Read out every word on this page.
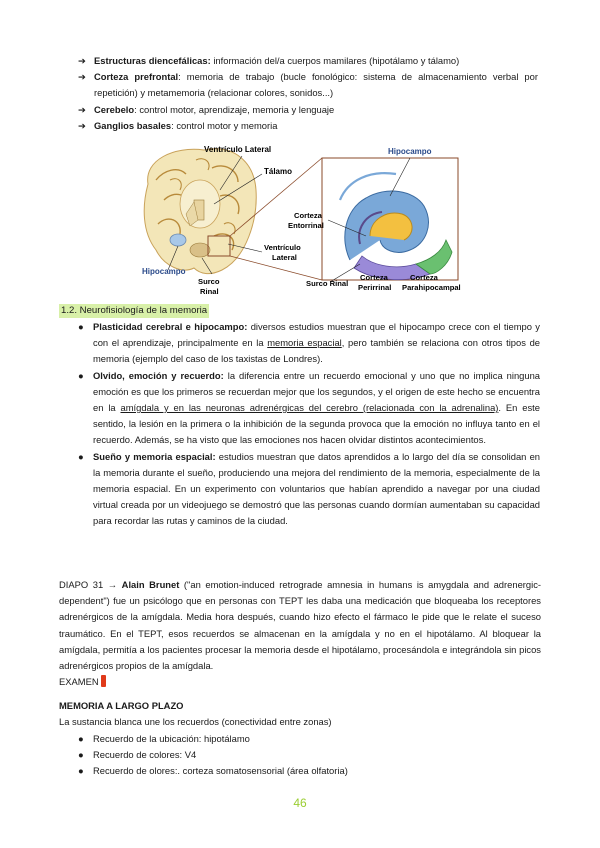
➔ Estructuras diencefálicas: información del/a cuerpos mamilares (hipotálamo y tálamo)
➔ Corteza prefrontal: memoria de trabajo (bucle fonológico: sistema de almacenamiento verbal por repetición) y metamemoria (relacionar colores, sonidos...)
➔ Cerebelo: control motor, aprendizaje, memoria y lenguaje
➔ Ganglios basales: control motor y memoria
Ventrículo Lateral
Tálamo
Hipocampo
Corteza
Entorrinal
Ventrículo
Lateral
Hipocampo
Surco
Rinal
Surco Rinal
Corteza
Perirrinal
Corteza
Parahipocampal
1.2. Neurofisiología de la memoria
● Plasticidad cerebral e hipocampo: diversos estudios muestran que el hipocampo crece con el tiempo y con el aprendizaje, principalmente en la memoria espacial, pero también se relaciona con otros tipos de memoria (ejemplo del caso de los taxistas de Londres).
● Olvido, emoción y recuerdo: la diferencia entre un recuerdo emocional y uno que no implica ninguna emoción es que los primeros se recuerdan mejor que los segundos, y el origen de este hecho se encuentra en la amígdala y en las neuronas adrenérgicas del cerebro (relacionada con la adrenalina). En este sentido, la lesión en la primera o la inhibición de la segunda provoca que la emoción no influya tanto en el recuerdo. Además, se ha visto que las emociones nos hacen olvidar distintos acontecimientos.
● Sueño y memoria espacial: estudios muestran que datos aprendidos a lo largo del día se consolidan en la memoria durante el sueño, produciendo una mejora del rendimiento de la memoria, especialmente de la memoria espacial. En un experimento con voluntarios que habían aprendido a navegar por una ciudad virtual creada por un videojuego se demostró que las personas cuando dormían aumentaban su capacidad para recordar las rutas y caminos de la ciudad.
DIAPO 31 → Alain Brunet ("an emotion-induced retrograde amnesia in humans is amygdala and adrenergic-dependent") fue un psicólogo que en personas con TEPT les daba una medicación que bloqueaba los receptores adrenérgicos de la amígdala. Media hora después, cuando hizo efecto el fármaco le pide que le relate el suceso traumático. En el TEPT, esos recuerdos se almacenan en la amígdala y no en el hipotálamo. Al bloquear la amígdala, permitía a los pacientes procesar la memoria desde el hipotálamo, procesándola e integrándola sin picos adrenérgicos propios de la amígdala.
EXAMEN
MEMORIA A LARGO PLAZO
La sustancia blanca une los recuerdos (conectividad entre zonas)
● Recuerdo de la ubicación: hipotálamo
● Recuerdo de colores: V4
● Recuerdo de olores:. corteza somatosensorial (área olfatoria)
46
